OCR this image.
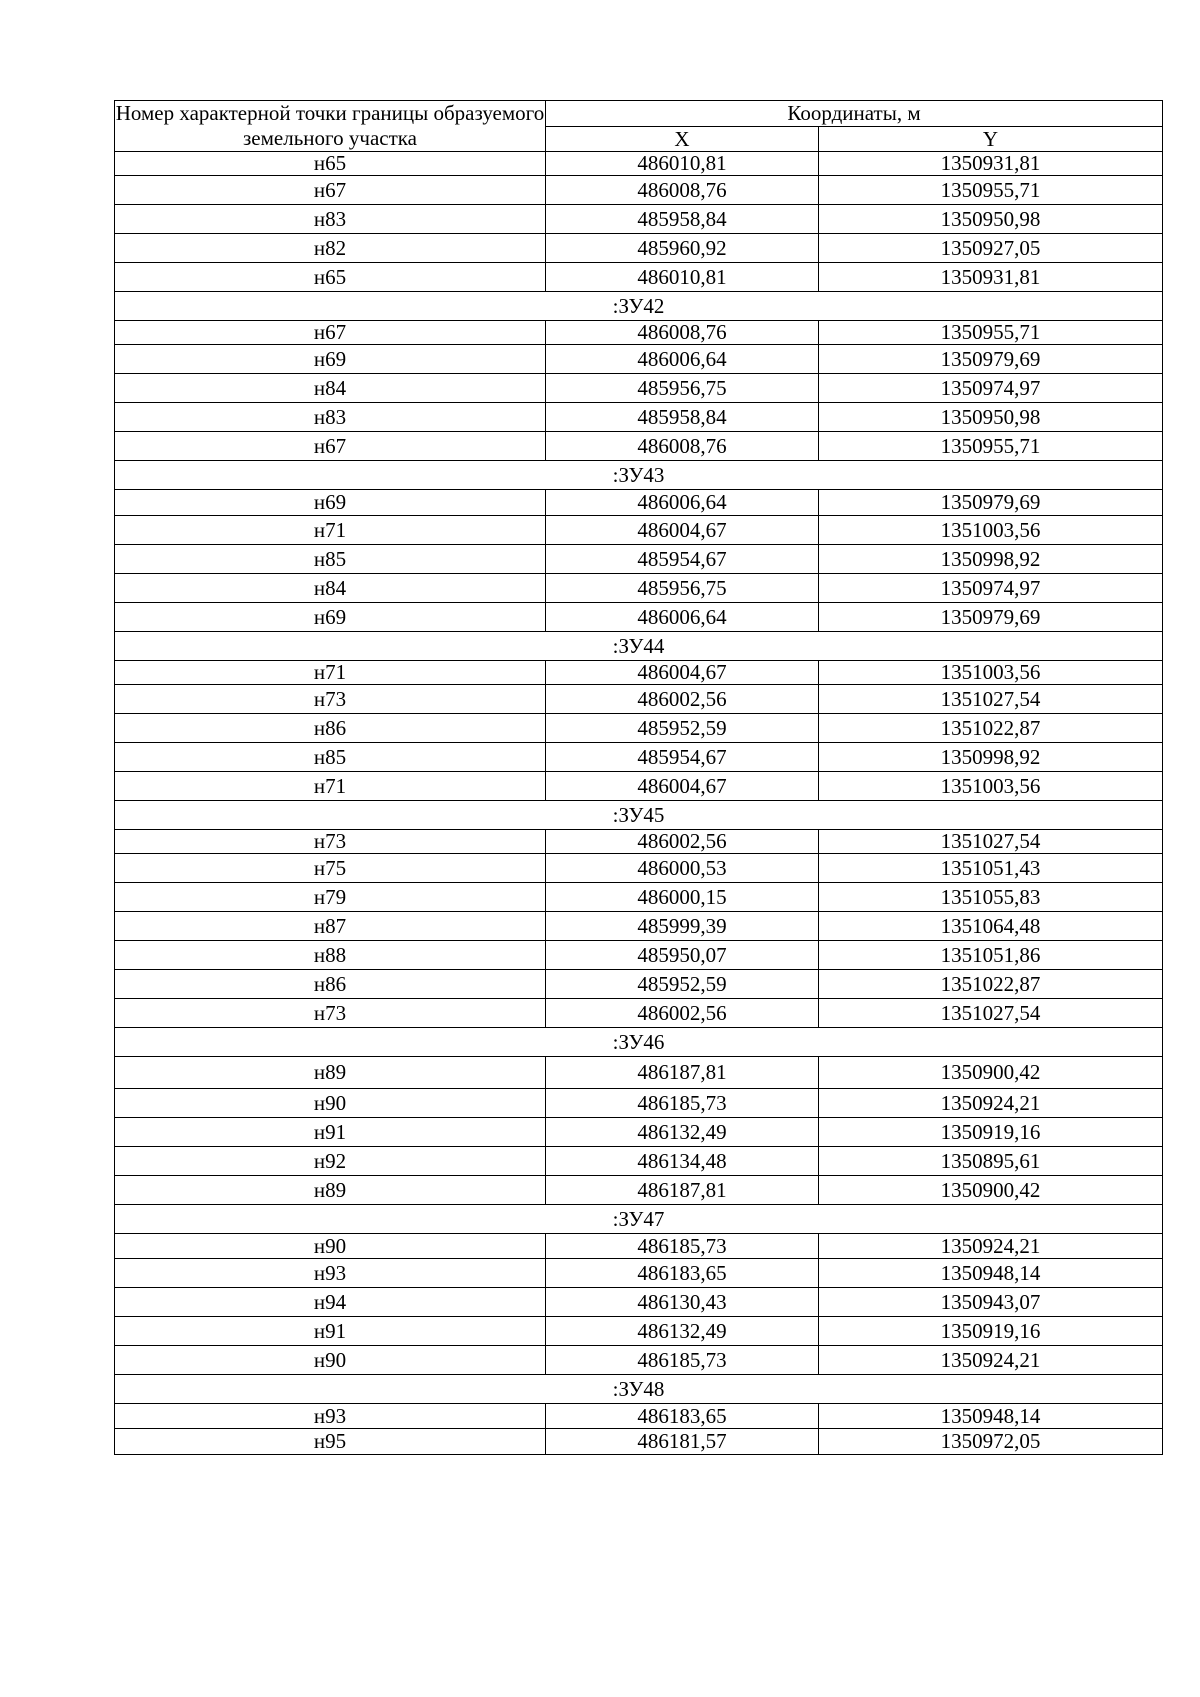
Номер характерной точки границы образуемого земельного участка	Координаты, м	
	X	Y
н65	486010,81	1350931,81
н67	486008,76	1350955,71
н83	485958,84	1350950,98
н82	485960,92	1350927,05
н65	486010,81	1350931,81
:ЗУ42		
н67	486008,76	1350955,71
н69	486006,64	1350979,69
н84	485956,75	1350974,97
н83	485958,84	1350950,98
н67	486008,76	1350955,71
:ЗУ43		
н69	486006,64	1350979,69
н71	486004,67	1351003,56
н85	485954,67	1350998,92
н84	485956,75	1350974,97
н69	486006,64	1350979,69
:ЗУ44		
н71	486004,67	1351003,56
н73	486002,56	1351027,54
н86	485952,59	1351022,87
н85	485954,67	1350998,92
н71	486004,67	1351003,56
:ЗУ45		
н73	486002,56	1351027,54
н75	486000,53	1351051,43
н79	486000,15	1351055,83
н87	485999,39	1351064,48
н88	485950,07	1351051,86
н86	485952,59	1351022,87
н73	486002,56	1351027,54
:ЗУ46		
н89	486187,81	1350900,42
н90	486185,73	1350924,21
н91	486132,49	1350919,16
н92	486134,48	1350895,61
н89	486187,81	1350900,42
:ЗУ47		
н90	486185,73	1350924,21
н93	486183,65	1350948,14
н94	486130,43	1350943,07
н91	486132,49	1350919,16
н90	486185,73	1350924,21
:ЗУ48		
н93	486183,65	1350948,14
н95	486181,57	1350972,05
